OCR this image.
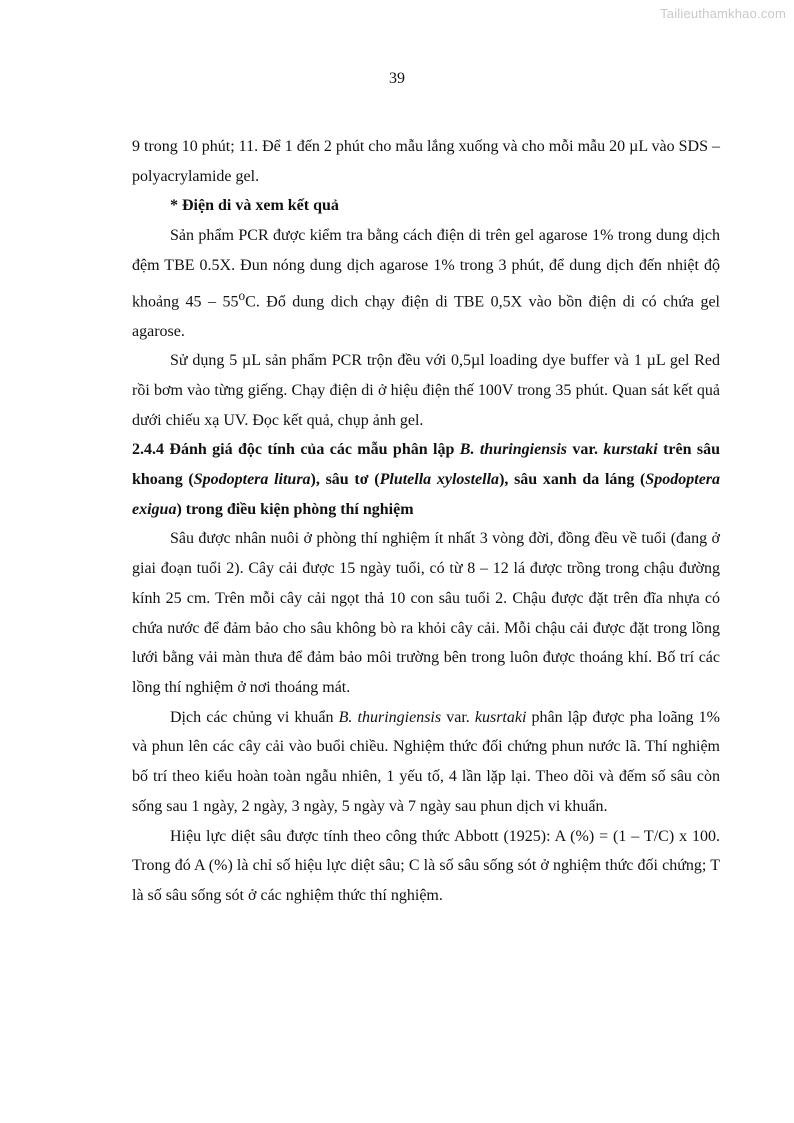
Tailieuthamkhao.com
39

9 trong 10 phút; 11. Để 1 đến 2 phút cho mẫu lắng xuống và cho mỗi mẫu 20 µL vào SDS – polyacrylamide gel.

* Điện di và xem kết quả

Sản phẩm PCR được kiểm tra bằng cách điện di trên gel agarose 1% trong dung dịch đệm TBE 0.5X. Đun nóng dung dịch agarose 1% trong 3 phút, để dung dịch đến nhiệt độ khoảng 45 – 55$^o$C. Đổ dung dich chạy điện di TBE 0,5X vào bồn điện di có chứa gel agarose.

Sử dụng 5 µL sản phẩm PCR trộn đều với 0,5µl loading dye buffer và 1 µL gel Red rồi bơm vào từng giếng. Chạy điện di ở hiệu điện thế 100V trong 35 phút. Quan sát kết quả dưới chiếu xạ UV. Đọc kết quả, chụp ảnh gel.

2.4.4 Đánh giá độc tính của các mẫu phân lập B. thuringiensis var. kurstaki trên sâu khoang (Spodoptera litura), sâu tơ (Plutella xylostella), sâu xanh da láng (Spodoptera exigua) trong điều kiện phòng thí nghiệm

Sâu được nhân nuôi ở phòng thí nghiệm ít nhất 3 vòng đời, đồng đều về tuổi (đang ở giai đoạn tuổi 2). Cây cải được 15 ngày tuổi, có từ 8 – 12 lá được trồng trong chậu đường kính 25 cm. Trên mỗi cây cải ngọt thả 10 con sâu tuổi 2. Chậu được đặt trên đĩa nhựa có chứa nước để đảm bảo cho sâu không bò ra khỏi cây cải. Mỗi chậu cải được đặt trong lồng lưới bằng vải màn thưa để đảm bảo môi trường bên trong luôn được thoáng khí. Bố trí các lồng thí nghiệm ở nơi thoáng mát.

Dịch các chủng vi khuẩn B. thuringiensis var. kusrtaki phân lập được pha loãng 1% và phun lên các cây cải vào buổi chiều. Nghiệm thức đối chứng phun nước lã. Thí nghiệm bố trí theo kiểu hoàn toàn ngẫu nhiên, 1 yếu tố, 4 lần lặp lại. Theo dõi và đếm số sâu còn sống sau 1 ngày, 2 ngày, 3 ngày, 5 ngày và 7 ngày sau phun dịch vi khuẩn.

Hiệu lực diệt sâu được tính theo công thức Abbott (1925): A (%) = (1 – T/C) x 100. Trong đó A (%) là chỉ số hiệu lực diệt sâu; C là số sâu sống sót ở nghiệm thức đối chứng; T là số sâu sống sót ở các nghiệm thức thí nghiệm.
